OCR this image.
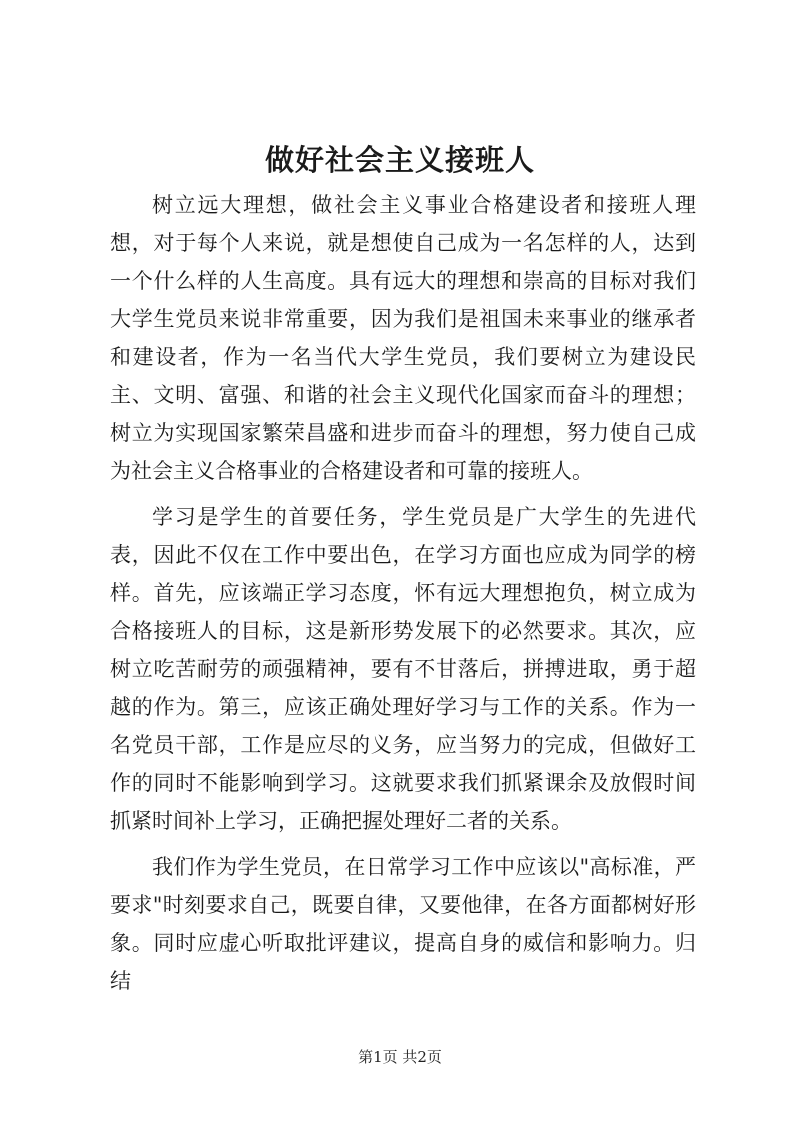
做好社会主义接班人

树立远大理想，做社会主义事业合格建设者和接班人理想，对于每个人来说，就是想使自己成为一名怎样的人，达到一个什么样的人生高度。具有远大的理想和崇高的目标对我们大学生党员来说非常重要，因为我们是祖国未来事业的继承者和建设者，作为一名当代大学生党员，我们要树立为建设民主、文明、富强、和谐的社会主义现代化国家而奋斗的理想；树立为实现国家繁荣昌盛和进步而奋斗的理想，努力使自己成为社会主义合格事业的合格建设者和可靠的接班人。

学习是学生的首要任务，学生党员是广大学生的先进代表，因此不仅在工作中要出色，在学习方面也应成为同学的榜样。首先，应该端正学习态度，怀有远大理想抱负，树立成为合格接班人的目标，这是新形势发展下的必然要求。其次，应树立吃苦耐劳的顽强精神，要有不甘落后，拼搏进取，勇于超越的作为。第三，应该正确处理好学习与工作的关系。作为一名党员干部，工作是应尽的义务，应当努力的完成，但做好工作的同时不能影响到学习。这就要求我们抓紧课余及放假时间抓紧时间补上学习，正确把握处理好二者的关系。

我们作为学生党员，在日常学习工作中应该以"高标准，严要求"时刻要求自己，既要自律，又要他律，在各方面都树好形象。同时应虚心听取批评建议，提高自身的威信和影响力。归结

第1页 共2页
